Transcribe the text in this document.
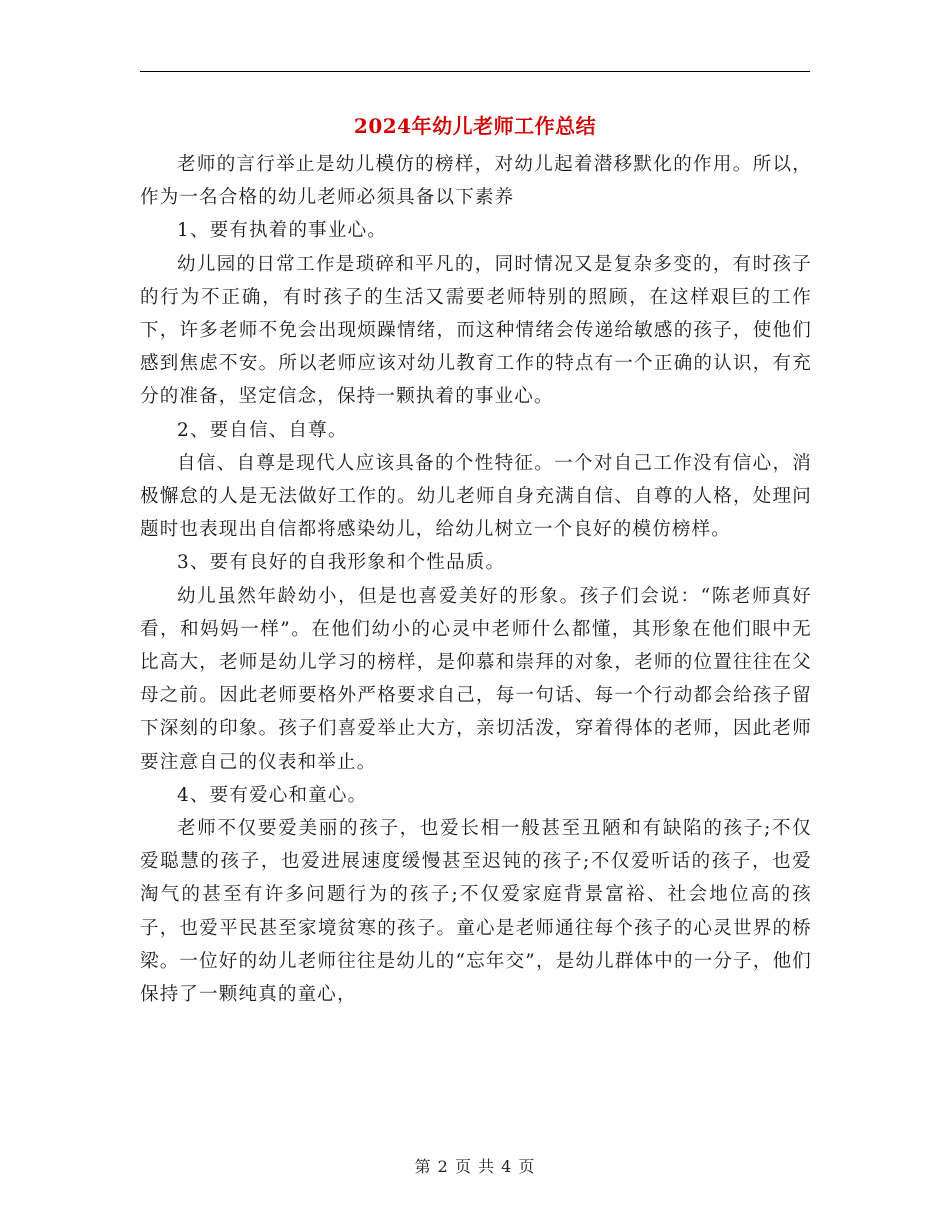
2024年幼儿老师工作总结

老师的言行举止是幼儿模仿的榜样，对幼儿起着潜移默化的作用。所以，作为一名合格的幼儿老师必须具备以下素养

1、要有执着的事业心。

幼儿园的日常工作是琐碎和平凡的，同时情况又是复杂多变的，有时孩子的行为不正确，有时孩子的生活又需要老师特别的照顾，在这样艰巨的工作下，许多老师不免会出现烦躁情绪，而这种情绪会传递给敏感的孩子，使他们感到焦虑不安。所以老师应该对幼儿教育工作的特点有一个正确的认识，有充分的准备，坚定信念，保持一颗执着的事业心。

2、要自信、自尊。

自信、自尊是现代人应该具备的个性特征。一个对自己工作没有信心，消极懈怠的人是无法做好工作的。幼儿老师自身充满自信、自尊的人格，处理问题时也表现出自信都将感染幼儿，给幼儿树立一个良好的模仿榜样。

3、要有良好的自我形象和个性品质。

幼儿虽然年龄幼小，但是也喜爱美好的形象。孩子们会说：“陈老师真好看，和妈妈一样”。在他们幼小的心灵中老师什么都懂，其形象在他们眼中无比高大，老师是幼儿学习的榜样，是仰慕和崇拜的对象，老师的位置往往在父母之前。因此老师要格外严格要求自己，每一句话、每一个行动都会给孩子留下深刻的印象。孩子们喜爱举止大方，亲切活泼，穿着得体的老师，因此老师要注意自己的仪表和举止。

4、要有爱心和童心。

老师不仅要爱美丽的孩子，也爱长相一般甚至丑陋和有缺陷的孩子;不仅爱聪慧的孩子，也爱进展速度缓慢甚至迟钝的孩子;不仅爱听话的孩子，也爱淘气的甚至有许多问题行为的孩子;不仅爱家庭背景富裕、社会地位高的孩子，也爱平民甚至家境贫寒的孩子。童心是老师通往每个孩子的心灵世界的桥梁。一位好的幼儿老师往往是幼儿的“忘年交”，是幼儿群体中的一分子，他们保持了一颗纯真的童心，

第 2 页 共 4 页
